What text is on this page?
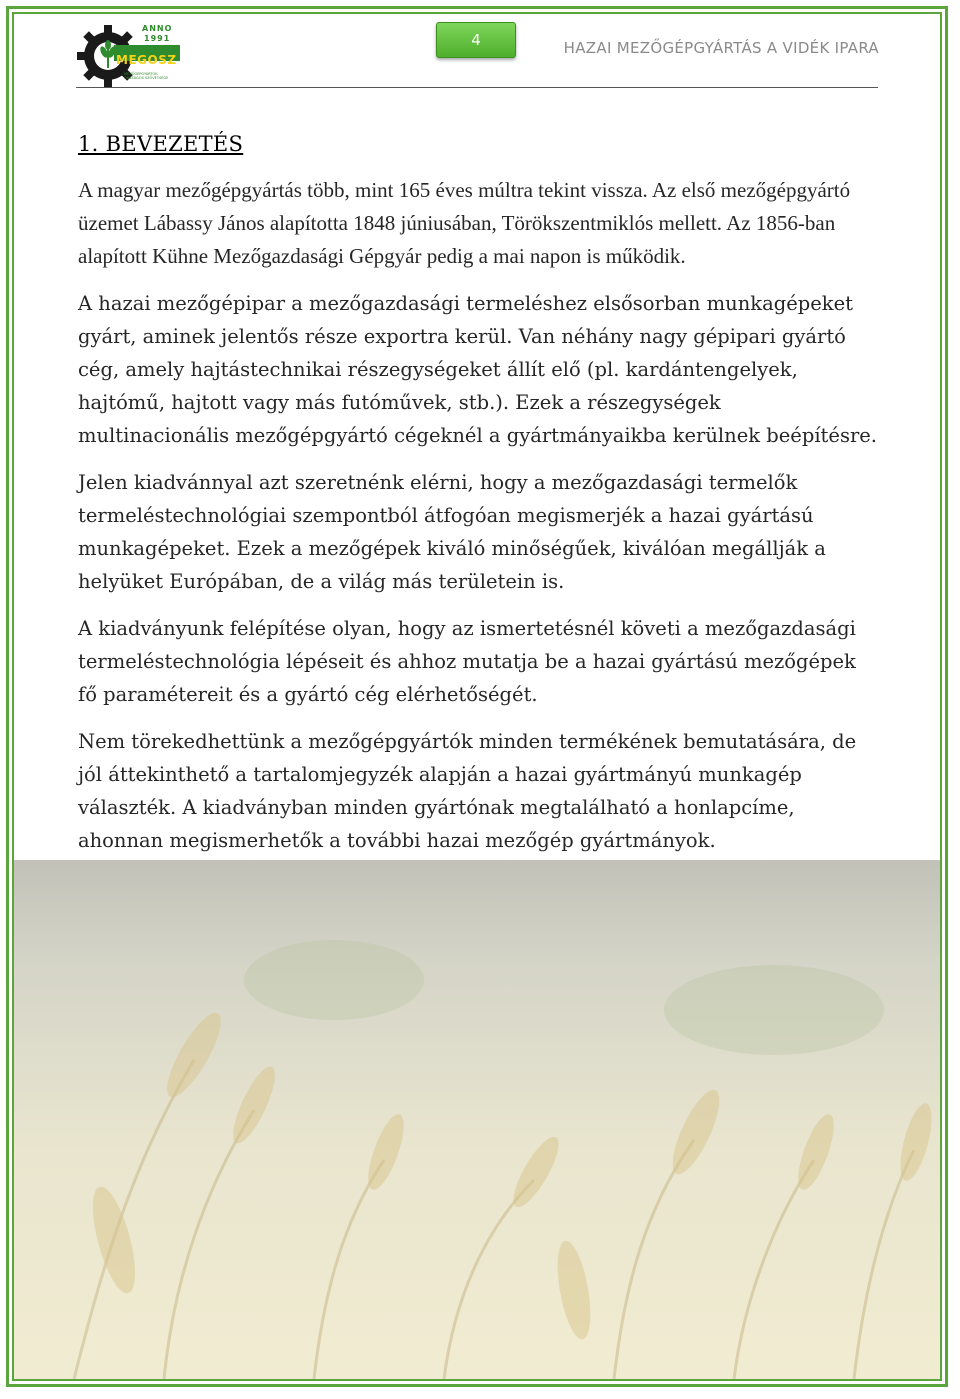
ANNO
1991
MEGOSZ
MEZŐGÉPGYÁRTÓK
ORSZÁGOS SZÖVETSÉGE
4	HAZAI MEZŐGÉPGYÁRTÁS A VIDÉK IPARA
1. BEVEZETÉS

A magyar mezőgépgyártás több, mint 165 éves múltra tekint vissza. Az első mezőgépgyártó üzemet Lábassy János alapította 1848 júniusában, Törökszentmiklós mellett. Az 1856-ban alapított Kühne Mezőgazdasági Gépgyár pedig a mai napon is működik.

A hazai mezőgépipar a mezőgazdasági termeléshez elsősorban munkagépeket gyárt, aminek jelentős része exportra kerül. Van néhány nagy gépipari gyártó cég, amely hajtástechnikai részegységeket állít elő (pl. kardántengelyek, hajtómű, hajtott vagy más futóművek, stb.). Ezek a részegységek multinacionális mezőgépgyártó cégeknél a gyártmányaikba kerülnek beépítésre.

Jelen kiadvánnyal azt szeretnénk elérni, hogy a mezőgazdasági termelők termeléstechnológiai szempontból átfogóan megismerjék a hazai gyártású munkagépeket. Ezek a mezőgépek kiváló minőségűek, kiválóan megállják a helyüket Európában, de a világ más területein is.

A kiadványunk felépítése olyan, hogy az ismertetésnél követi a mezőgazdasági termeléstechnológia lépéseit és ahhoz mutatja be a hazai gyártású mezőgépek fő paramétereit és a gyártó cég elérhetőségét.

Nem törekedhettünk a mezőgépgyártók minden termékének bemutatására, de jól áttekinthető a tartalomjegyzék alapján a hazai gyártmányú munkagép választék. A kiadványban minden gyártónak megtalálható a honlapcíme, ahonnan megismerhetők a további hazai mezőgép gyártmányok.
